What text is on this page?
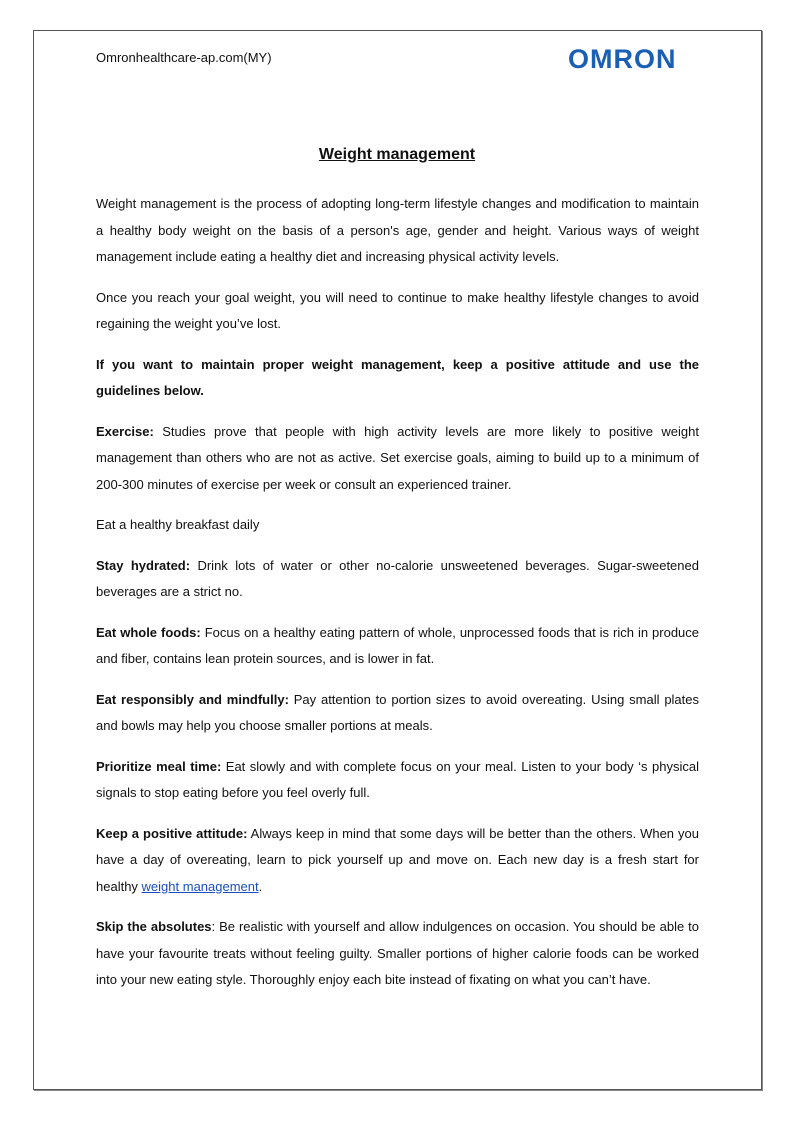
Omronhealthcare-ap.com(MY)	OMRON
Weight management

Weight management is the process of adopting long-term lifestyle changes and modification to maintain a healthy body weight on the basis of a person's age, gender and height. Various ways of weight management include eating a healthy diet and increasing physical activity levels.

Once you reach your goal weight, you will need to continue to make healthy lifestyle changes to avoid regaining the weight you’ve lost.

If you want to maintain proper weight management, keep a positive attitude and use the guidelines below.

Exercise: Studies prove that people with high activity levels are more likely to positive weight management than others who are not as active. Set exercise goals, aiming to build up to a minimum of 200-300 minutes of exercise per week or consult an experienced trainer.

Eat a healthy breakfast daily

Stay hydrated: Drink lots of water or other no-calorie unsweetened beverages. Sugar-sweetened beverages are a strict no.

Eat whole foods: Focus on a healthy eating pattern of whole, unprocessed foods that is rich in produce and fiber, contains lean protein sources, and is lower in fat.

Eat responsibly and mindfully: Pay attention to portion sizes to avoid overeating. Using small plates and bowls may help you choose smaller portions at meals.

Prioritize meal time: Eat slowly and with complete focus on your meal. Listen to your body ‘s physical signals to stop eating before you feel overly full.

Keep a positive attitude: Always keep in mind that some days will be better than the others. When you have a day of overeating, learn to pick yourself up and move on. Each new day is a fresh start for healthy weight management.

Skip the absolutes: Be realistic with yourself and allow indulgences on occasion. You should be able to have your favourite treats without feeling guilty. Smaller portions of higher calorie foods can be worked into your new eating style. Thoroughly enjoy each bite instead of fixating on what you can’t have.
